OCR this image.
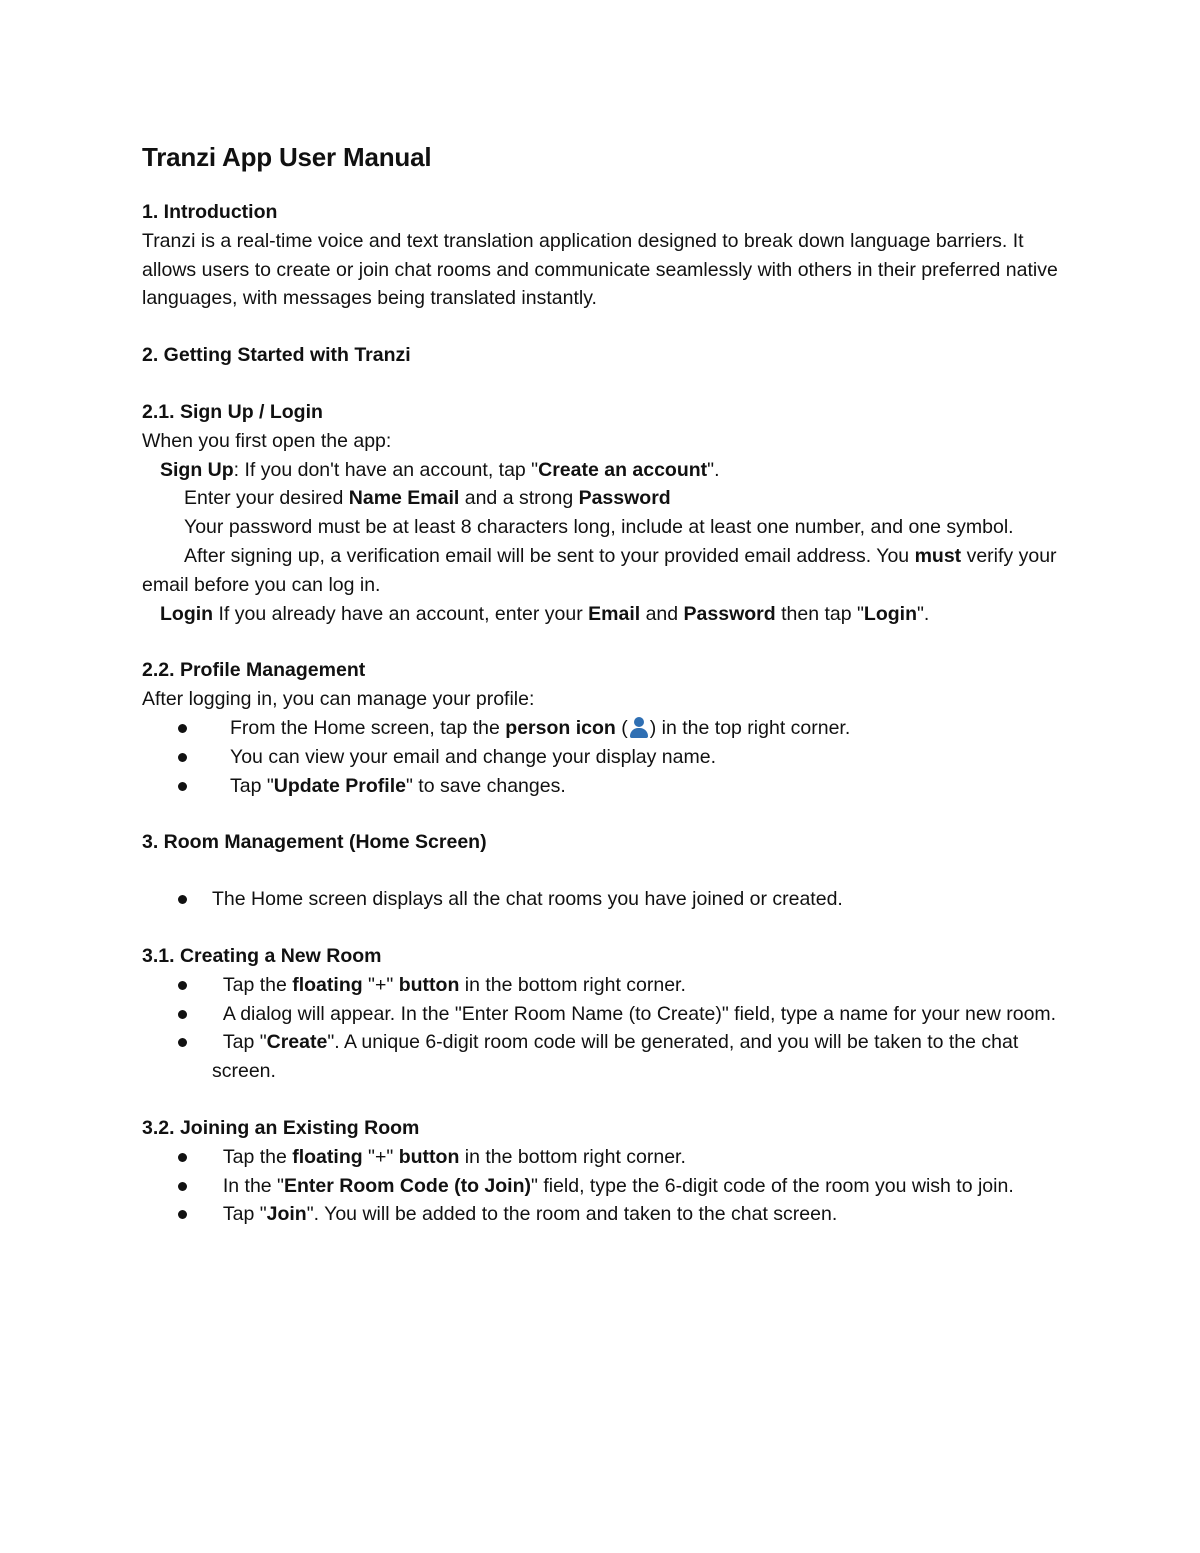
Tranzi App User Manual
1. Introduction

Tranzi is a real-time voice and text translation application designed to break down language barriers. It allows users to create or join chat rooms and communicate seamlessly with others in their preferred native languages, with messages being translated instantly.

2. Getting Started with Tranzi
2.1. Sign Up / Login

When you first open the app:

Sign Up: If you don't have an account, tap "Create an account".

Enter your desired Name Email and a strong Password

Your password must be at least 8 characters long, include at least one number, and one symbol.

After signing up, a verification email will be sent to your provided email address. You must verify your email before you can log in.

Login If you already have an account, enter your Email and Password then tap "Login".

2.2. Profile Management

After logging in, you can manage your profile:

From the Home screen, tap the person icon ( ) in the top right corner.
You can view your email and change your display name.
Tap "Update Profile" to save changes.
3. Room Management (Home Screen)
The Home screen displays all the chat rooms you have joined or created.
3.1. Creating a New Room
Tap the floating "+" button in the bottom right corner.
A dialog will appear. In the "Enter Room Name (to Create)" field, type a name for your new room.
Tap "Create". A unique 6-digit room code will be generated, and you will be taken to the chat screen.
3.2. Joining an Existing Room
Tap the floating "+" button in the bottom right corner.
In the "Enter Room Code (to Join)" field, type the 6-digit code of the room you wish to join.
Tap "Join". You will be added to the room and taken to the chat screen.
